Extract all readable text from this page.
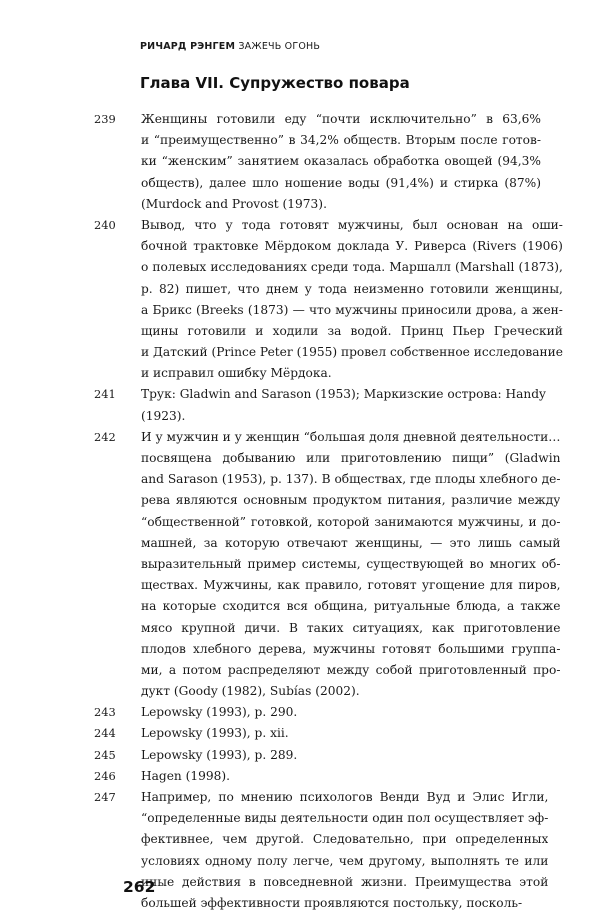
РИЧАРД РЭНГЕМ ЗАЖЕЧЬ ОГОНЬ
Глава VII. Супружество повара
239	Женщины готовили еду “почти исключительно” в 63,6%
и “преимущественно” в 34,2% обществ. Вторым после готов-
ки “женским” занятием оказалась обработка овощей (94,3%
обществ), далее шло ношение воды (91,4%) и стирка (87%)
(Murdock and Provost (1973).
240	Вывод, что у тода готовят мужчины, был основан на оши-
бочной трактовке Мёрдоком доклада У. Риверса (Rivers (1906)
о полевых исследованиях среди тода. Маршалл (Marshall (1873),
p. 82) пишет, что днем у тода неизменно готовили женщины,
а Брикс (Breeks (1873) — что мужчины приносили дрова, а жен-
щины готовили и ходили за водой. Принц Пьер Греческий
и Датский (Prince Peter (1955) провел собственное исследование
и исправил ошибку Мёрдока.
241	Трук: Gladwin and Sarason (1953); Маркизские острова: Handy
(1923).
242	И у мужчин и у женщин “большая доля дневной деятельности…
посвящена добыванию или приготовлению пищи” (Gladwin
and Sarason (1953), p. 137). В обществах, где плоды хлебного де-
рева являются основным продуктом питания, различие между
“общественной” готовкой, которой занимаются мужчины, и до-
машней, за которую отвечают женщины, — это лишь самый
выразительный пример системы, существующей во многих об-
ществах. Мужчины, как правило, готовят угощение для пиров,
на которые сходится вся община, ритуальные блюда, а также
мясо крупной дичи. В таких ситуациях, как приготовление
плодов хлебного дерева, мужчины готовят большими группа-
ми, а потом распределяют между собой приготовленный про-
дукт (Goody (1982), Subías (2002).
243	Lepowsky (1993), p. 290.
244	Lepowsky (1993), p. xii.
245	Lepowsky (1993), p. 289.
246	Hagen (1998).
247	Например, по мнению психологов Венди Вуд и Элис Игли,
“определенные виды деятельности один пол осуществляет эф-
фективнее, чем другой. Следовательно, при определенных
условиях одному полу легче, чем другому, выполнять те или
иные действия в повседневной жизни. Преимущества этой
большей эффективности проявляются постольку, посколь-
262
